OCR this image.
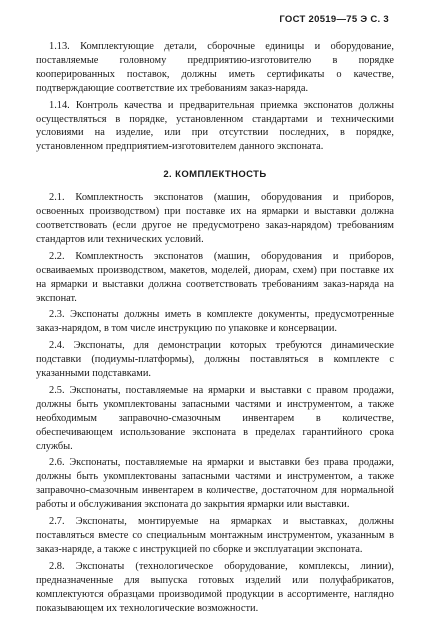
ГОСТ 20519—75 Э С. 3

1.13. Комплектующие детали, сборочные единицы и оборудование, поставляемые головному предприятию-изготовителю в порядке кооперированных поставок, должны иметь сертификаты о качестве, подтверждающие соответствие их требованиям заказ-наряда.

1.14. Контроль качества и предварительная приемка экспонатов должны осуществляться в порядке, установленном стандартами и техническими условиями на изделие, или при отсутствии последних, в порядке, установленном предприятием-изготовителем данного экспоната.

2. КОМПЛЕКТНОСТЬ

2.1. Комплектность экспонатов (машин, оборудования и приборов, освоенных производством) при поставке их на ярмарки и выставки должна соответствовать (если другое не предусмотрено заказ-нарядом) требованиям стандартов или технических условий.

2.2. Комплектность экспонатов (машин, оборудования и приборов, осваиваемых производством, макетов, моделей, диорам, схем) при поставке их на ярмарки и выставки должна соответствовать требованиям заказ-наряда на экспонат.

2.3. Экспонаты должны иметь в комплекте документы, предусмотренные заказ-нарядом, в том числе инструкцию по упаковке и консервации.

2.4. Экспонаты, для демонстрации которых требуются динамические подставки (подиумы-платформы), должны поставляться в комплекте с указанными подставками.

2.5. Экспонаты, поставляемые на ярмарки и выставки с правом продажи, должны быть укомплектованы запасными частями и инструментом, а также необходимым заправочно-смазочным инвентарем в количестве, обеспечивающем использование экспоната в пределах гарантийного срока службы.

2.6. Экспонаты, поставляемые на ярмарки и выставки без права продажи, должны быть укомплектованы запасными частями и инструментом, а также заправочно-смазочным инвентарем в количестве, достаточном для нормальной работы и обслуживания экспоната до закрытия ярмарки или выставки.

2.7. Экспонаты, монтируемые на ярмарках и выставках, должны поставляться вместе со специальным монтажным инструментом, указанным в заказ-наряде, а также с инструкцией по сборке и эксплуатации экспоната.

2.8. Экспонаты (технологическое оборудование, комплексы, линии), предназначенные для выпуска готовых изделий или полуфабрикатов, комплектуются образцами производимой продукции в ассортименте, наглядно показывающем их технологические возможности.
